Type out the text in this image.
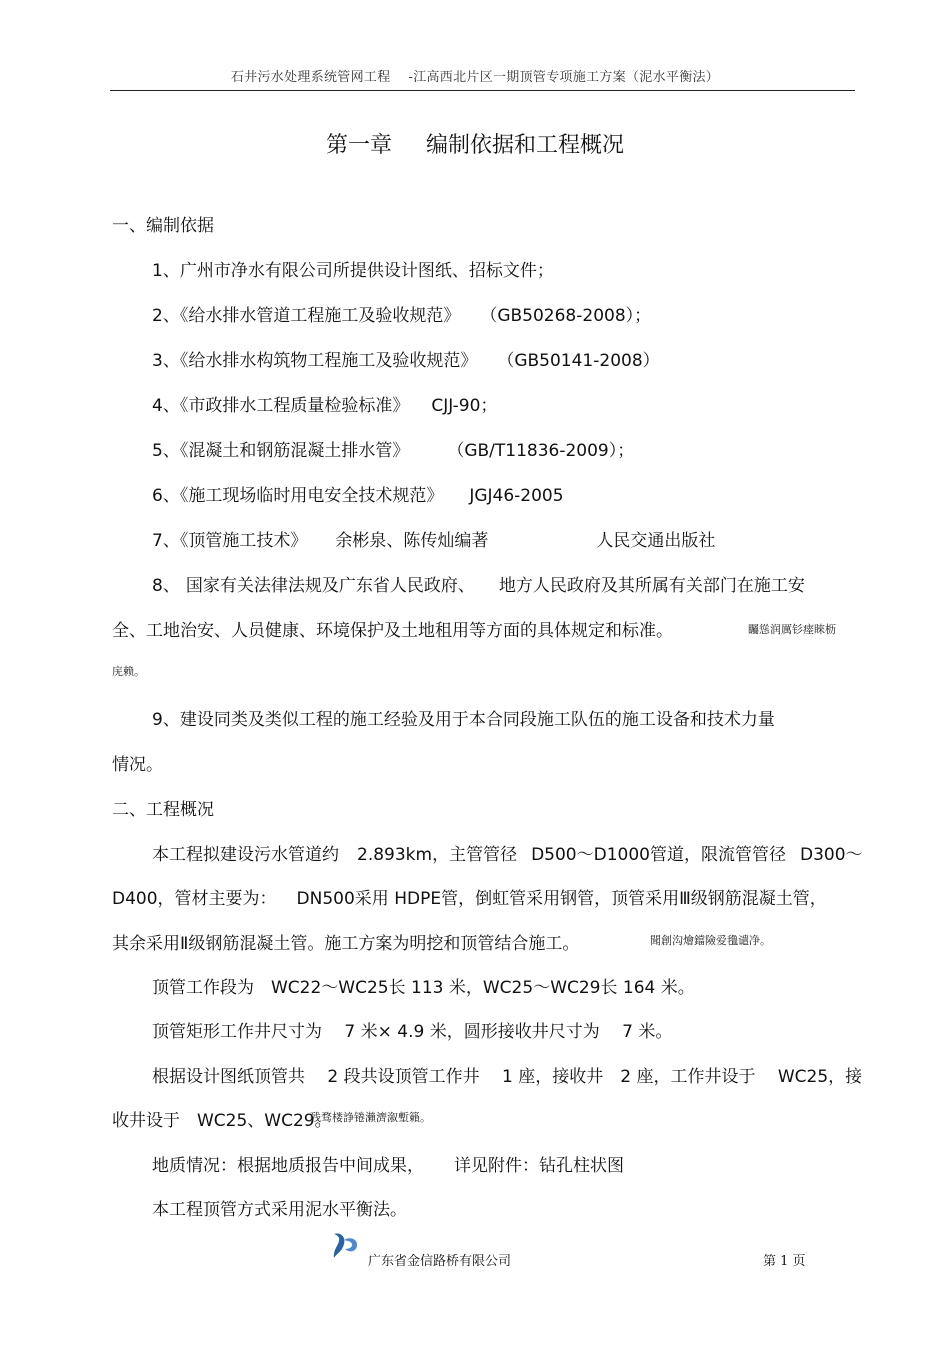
石井污水处理系统管网工程 -江高西北片区一期顶管专项施工方案（泥水平衡法）
第一章 编制依据和工程概况
一、编制依据
1、广州市净水有限公司所提供设计图纸、招标文件；
2、《给水排水管道工程施工及验收规范》 （GB50268-2008）；
3、《给水排水构筑物工程施工及验收规范》 （GB50141-2008）
4、《市政排水工程质量检验标准》 CJJ-90；
5、《混凝土和钢筋混凝土排水管》 （GB/T11836-2009）；
6、《施工现场临时用电安全技术规范》 JGJ46-2005
7、《顶管施工技术》 余彬泉、陈传灿编著	人民交通出版社
8、 国家有关法律法规及广东省人民政府、 地方人民政府及其所属有关部门在施工安
全、工地治安、人员健康、环境保护及土地租用等方面的具体规定和标准。	矚慫润厲钐瘗睞枥
庑赖。
9、建设同类及类似工程的施工经验及用于本合同段施工队伍的施工设备和技术力量
情况。
二、工程概况
本工程拟建设污水管道约 2.893km，主管管径 D500～D1000管道，限流管管径 D300～
D400，管材主要为： DN500采用 HDPE管，倒虹管采用钢管，顶管采用Ⅲ级钢筋混凝土管，
其余采用Ⅱ级钢筋混凝土管。施工方案为明挖和顶管结合施工。	聞創沟燴鐺險爱氇谴净。
顶管工作段为　WC22～WC25长 113 米，WC25～WC29长 164 米。
顶管矩形工作井尺寸为　 7 米× 4.9 米，圆形接收井尺寸为　 7 米。
根据设计图纸顶管共　 2 段共设顶管工作井　 1 座，接收井　2 座，工作井设于　 WC25，接
收井设于　WC25、WC29。
残骛楼諍锩瀨濟溆塹籟。
地质情况：根据地质报告中间成果， 详见附件：钻孔柱状图
本工程顶管方式采用泥水平衡法。
广东省金信路桥有限公司	第 1 页
